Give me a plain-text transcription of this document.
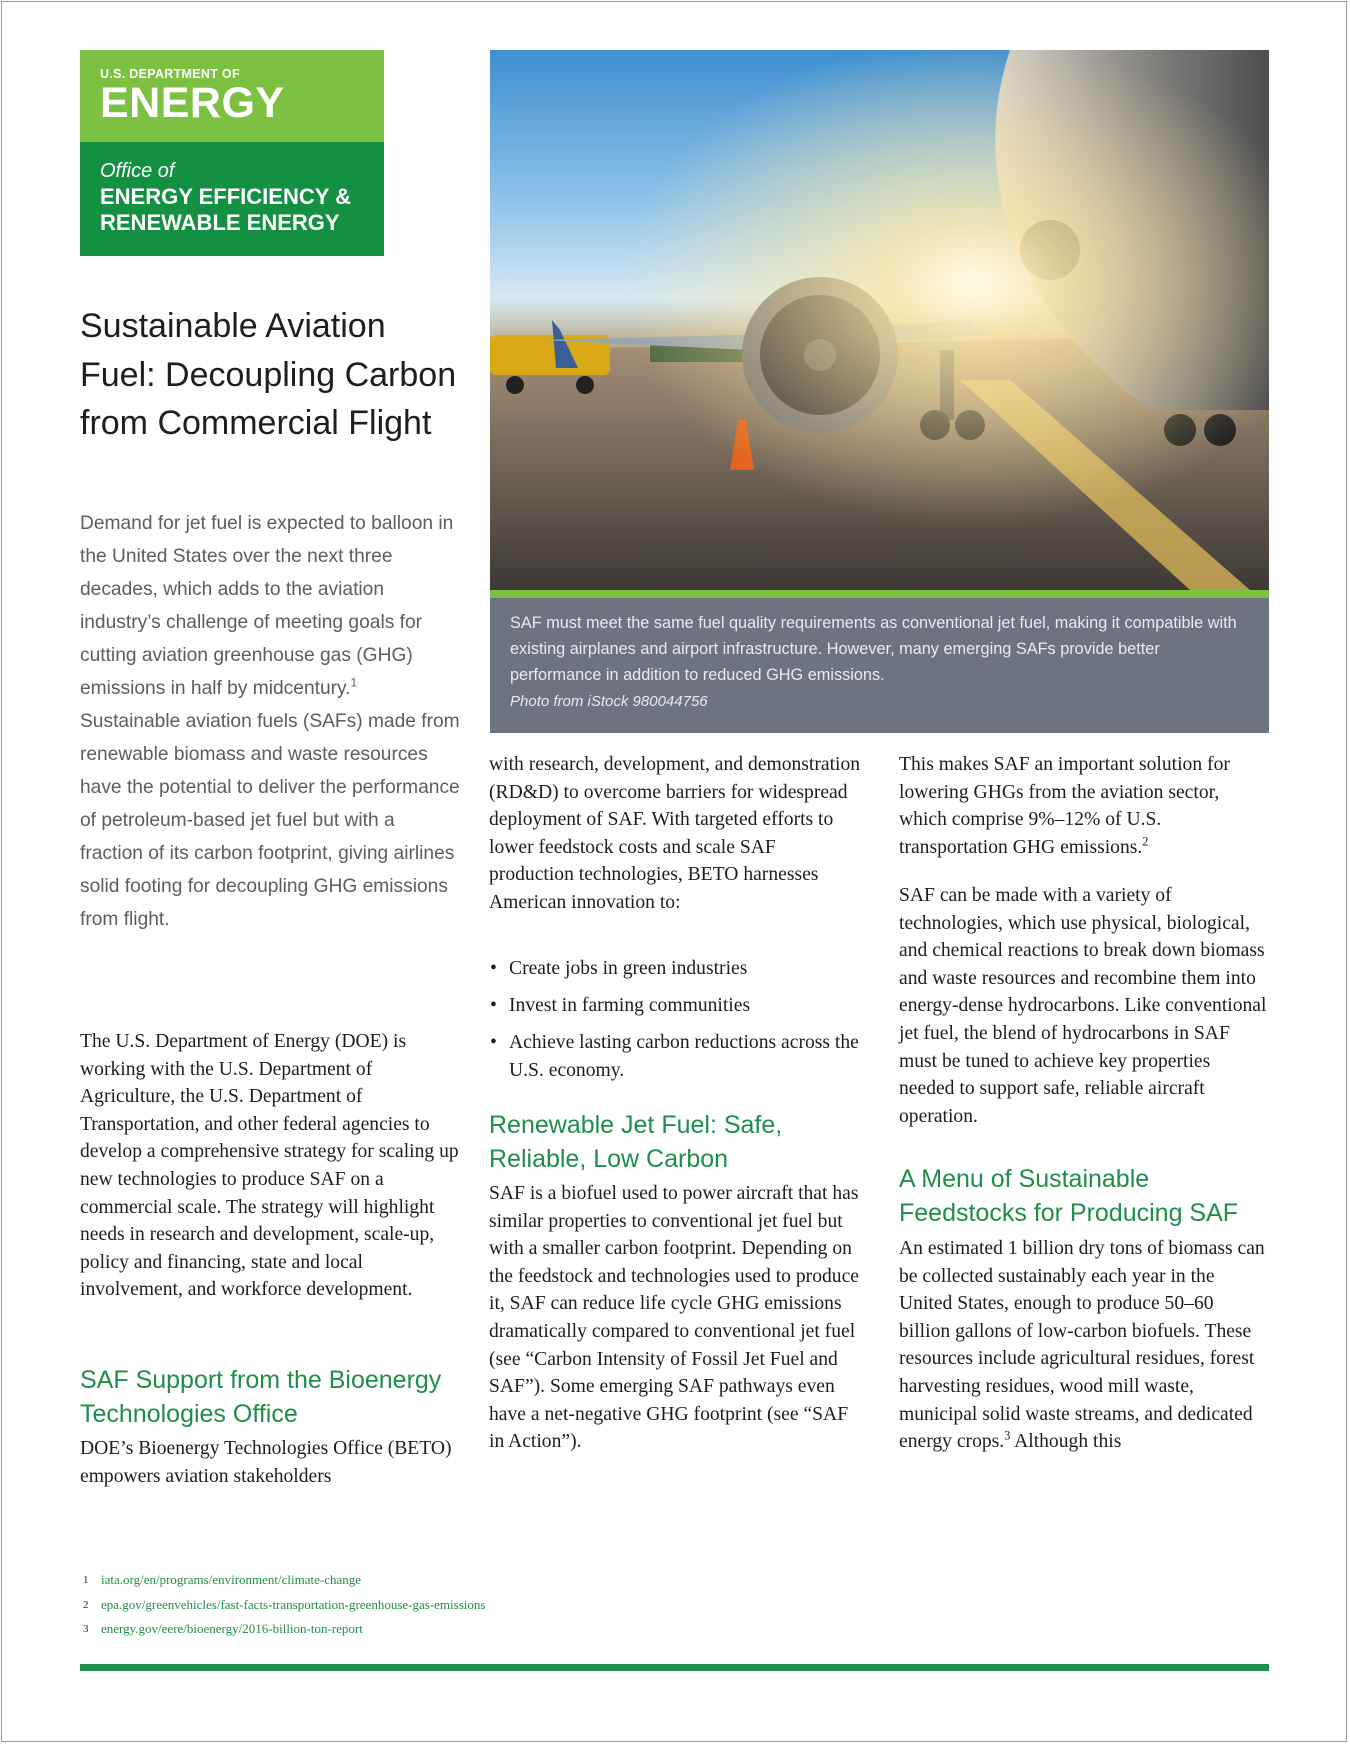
U.S. DEPARTMENT OF
ENERGY
Office of
ENERGY EFFICIENCY &
RENEWABLE ENERGY
Sustainable Aviation Fuel: Decoupling Carbon from Commercial Flight

Demand for jet fuel is expected to balloon in the United States over the next three decades, which adds to the aviation industry’s challenge of meeting goals for cutting aviation greenhouse gas (GHG) emissions in half by midcentury.$^1$ Sustainable aviation fuels (SAFs) made from renewable biomass and waste resources have the potential to deliver the performance of petroleum-based jet fuel but with a fraction of its carbon footprint, giving airlines solid footing for decoupling GHG emissions from flight.

SAF must meet the same fuel quality requirements as conventional jet fuel, making it compatible with existing airplanes and airport infrastructure. However, many emerging SAFs provide better performance in addition to reduced GHG emissions.
Photo from iStock 980044756

The U.S. Department of Energy (DOE) is working with the U.S. Department of Agriculture, the U.S. Department of Transportation, and other federal agencies to develop a comprehensive strategy for scaling up new technologies to produce SAF on a commercial scale. The strategy will highlight needs in research and development, scale-up, policy and financing, state and local involvement, and workforce development.

SAF Support from the Bioenergy Technologies Office

DOE’s Bioenergy Technologies Office (BETO) empowers aviation stakeholders

with research, development, and demonstration (RD&D) to overcome barriers for widespread deployment of SAF. With targeted efforts to lower feedstock costs and scale SAF production technologies, BETO harnesses American innovation to:

• Create jobs in green industries
• Invest in farming communities
• Achieve lasting carbon reductions across the U.S. economy.
Renewable Jet Fuel: Safe, Reliable, Low Carbon

SAF is a biofuel used to power aircraft that has similar properties to conventional jet fuel but with a smaller carbon footprint. Depending on the feedstock and technologies used to produce it, SAF can reduce life cycle GHG emissions dramatically compared to conventional jet fuel (see “Carbon Intensity of Fossil Jet Fuel and SAF”). Some emerging SAF pathways even have a net-negative GHG footprint (see “SAF in Action”).

This makes SAF an important solution for lowering GHGs from the aviation sector, which comprise 9%–12% of U.S. transportation GHG emissions.$^2$

SAF can be made with a variety of technologies, which use physical, biological, and chemical reactions to break down biomass and waste resources and recombine them into energy-dense hydrocarbons. Like conventional jet fuel, the blend of hydrocarbons in SAF must be tuned to achieve key properties needed to support safe, reliable aircraft operation.

A Menu of Sustainable Feedstocks for Producing SAF

An estimated 1 billion dry tons of biomass can be collected sustainably each year in the United States, enough to produce 50–60 billion gallons of low-carbon biofuels. These resources include agricultural residues, forest harvesting residues, wood mill waste, municipal solid waste streams, and dedicated energy crops.$^3$ Although this

1 iata.org/en/programs/environment/climate-change
2 epa.gov/greenvehicles/fast-facts-transportation-greenhouse-gas-emissions
3 energy.gov/eere/bioenergy/2016-billion-ton-report
